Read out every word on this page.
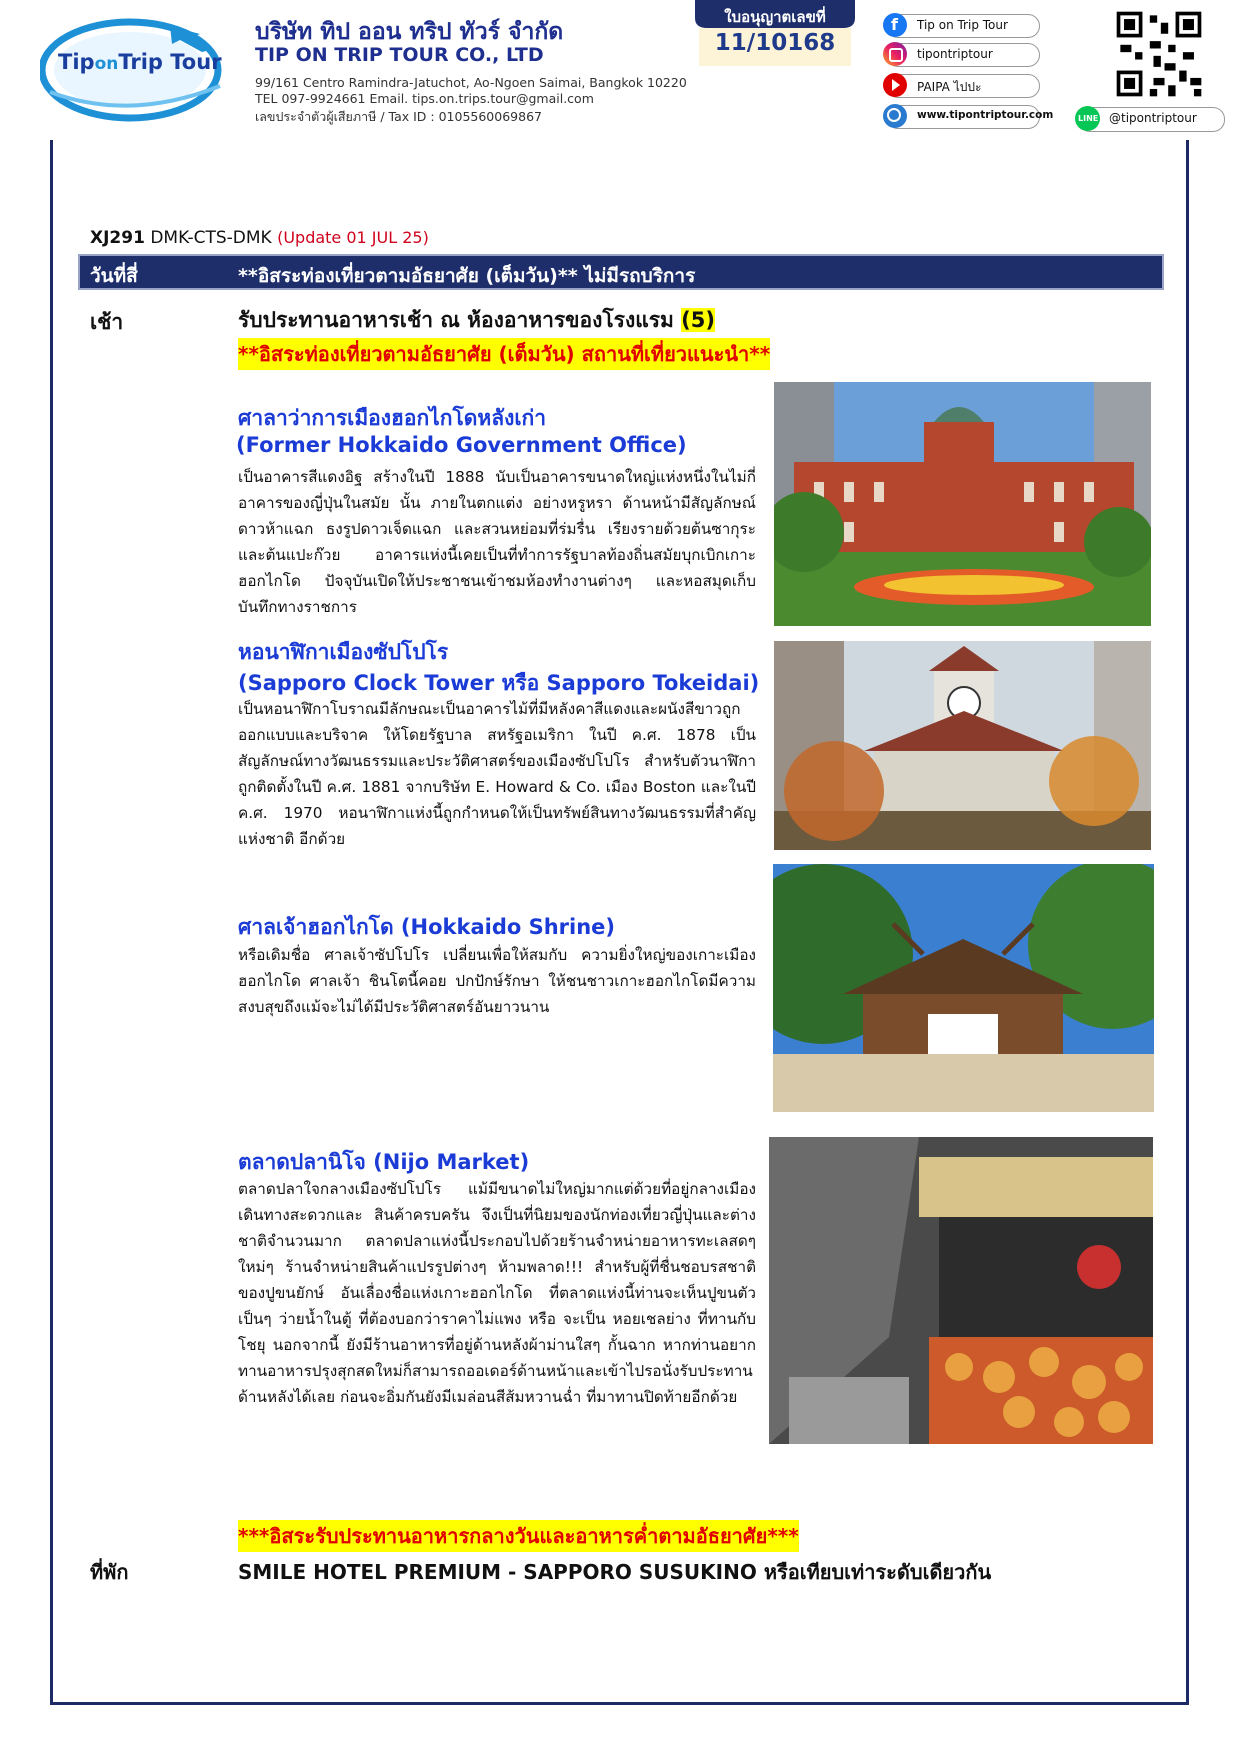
TiponTrip Tour
บริษัท ทิป ออน ทริป ทัวร์ จำกัด
TIP ON TRIP TOUR CO., LTD
99/161 Centro Ramindra-Jatuchot, Ao-Ngoen Saimai, Bangkok 10220
TEL 097-9924661 Email. tips.on.trips.tour@gmail.com
เลขประจำตัวผู้เสียภาษี / Tax ID : 0105560069867
ใบอนุญาตเลขที่
11/10168
f Tip on Trip Tour
tipontriptour
PAIPA ไปปะ
www.tipontriptour.com	LINE @tipontriptour
XJ291 DMK-CTS-DMK (Update 01 JUL 25)
วันที่สี่	**อิสระท่องเที่ยวตามอัธยาศัย (เต็มวัน)** ไม่มีรถบริการ
เช้า	รับประทานอาหารเช้า ณ ห้องอาหารของโรงแรม (5)
**อิสระท่องเที่ยวตามอัธยาศัย (เต็มวัน) สถานที่เที่ยวแนะนำ**
ศาลาว่าการเมืองฮอกไกโดหลังเก่า
(Former Hokkaido Government Office)
เป็นอาคารสีแดงอิฐ สร้างในปี 1888 นับเป็นอาคารขนาดใหญ่แห่งหนึ่งในไม่กี่อาคารของญี่ปุ่นในสมัย นั้น ภายในตกแต่ง อย่างหรูหรา ด้านหน้ามีสัญลักษณ์ดาวห้าแฉก ธงรูปดาวเจ็ดแฉก และสวนหย่อมที่ร่มรื่น เรียงรายด้วยต้นซากุระ และต้นแปะก๊วย อาคารแห่งนี้เคยเป็นที่ทำการรัฐบาลท้องถิ่นสมัยบุกเบิกเกาะฮอกไกโด ปัจจุบันเปิดให้ประชาชนเข้าชมห้องทำงานต่างๆ และหอสมุดเก็บบันทึกทางราชการ
หอนาฬิกาเมืองซัปโปโร
(Sapporo Clock Tower หรือ Sapporo Tokeidai)
เป็นหอนาฬิกาโบราณมีลักษณะเป็นอาคารไม้ที่มีหลังคาสีแดงและผนังสีขาวถูกออกแบบและบริจาค ให้โดยรัฐบาล สหรัฐอเมริกา ในปี ค.ศ. 1878 เป็นสัญลักษณ์ทางวัฒนธรรมและประวัติศาสตร์ของเมืองซัปโปโร สำหรับตัวนาฬิกาถูกติดตั้งในปี ค.ศ. 1881 จากบริษัท E. Howard & Co. เมือง Boston และในปี ค.ศ. 1970 หอนาฬิกาแห่งนี้ถูกกำหนดให้เป็นทรัพย์สินทางวัฒนธรรมที่สำคัญแห่งชาติ อีกด้วย
ศาลเจ้าฮอกไกโด (Hokkaido Shrine)
หรือเดิมชื่อ ศาลเจ้าซัปโปโร เปลี่ยนเพื่อให้สมกับ ความยิ่งใหญ่ของเกาะเมืองฮอกไกโด ศาลเจ้า ชินโตนี้คอย ปกปักษ์รักษา ให้ชนชาวเกาะฮอกไกโดมีความสงบสุขถึงแม้จะไม่ได้มีประวัติศาสตร์อันยาวนาน
ตลาดปลานิโจ (Nijo Market)
ตลาดปลาใจกลางเมืองซัปโปโร แม้มีขนาดไม่ใหญ่มากแต่ด้วยที่อยู่กลางเมือง เดินทางสะดวกและ สินค้าครบครัน จึงเป็นที่นิยมของนักท่องเที่ยวญี่ปุ่นและต่างชาติจำนวนมาก ตลาดปลาแห่งนี้ประกอบไปด้วยร้านจำหน่ายอาหารทะเลสดๆ ใหม่ๆ ร้านจำหน่ายสินค้าแปรรูปต่างๆ ห้ามพลาด!!! สำหรับผู้ที่ชื่นชอบรสชาติของปูขนยักษ์ อันเลื่องชื่อแห่งเกาะฮอกไกโด ที่ตลาดแห่งนี้ท่านจะเห็นปูขนตัวเป็นๆ ว่ายน้ำในตู้ ที่ต้องบอกว่าราคาไม่แพง หรือ จะเป็น หอยเชลย่าง ที่ทานกับโชยุ นอกจากนี้ ยังมีร้านอาหารที่อยู่ด้านหลังผ้าม่านใสๆ กั้นฉาก หากท่านอยากทานอาหารปรุงสุกสดใหม่ก็สามารถออเดอร์ด้านหน้าและเข้าไปรอนั่งรับประทานด้านหลังได้เลย ก่อนจะอิ่มกันยังมีเมล่อนสีส้มหวานฉ่ำ ที่มาทานปิดท้ายอีกด้วย
***อิสระรับประทานอาหารกลางวันและอาหารค่ำตามอัธยาศัย***
ที่พัก	SMILE HOTEL PREMIUM - SAPPORO SUSUKINO หรือเทียบเท่าระดับเดียวกัน
